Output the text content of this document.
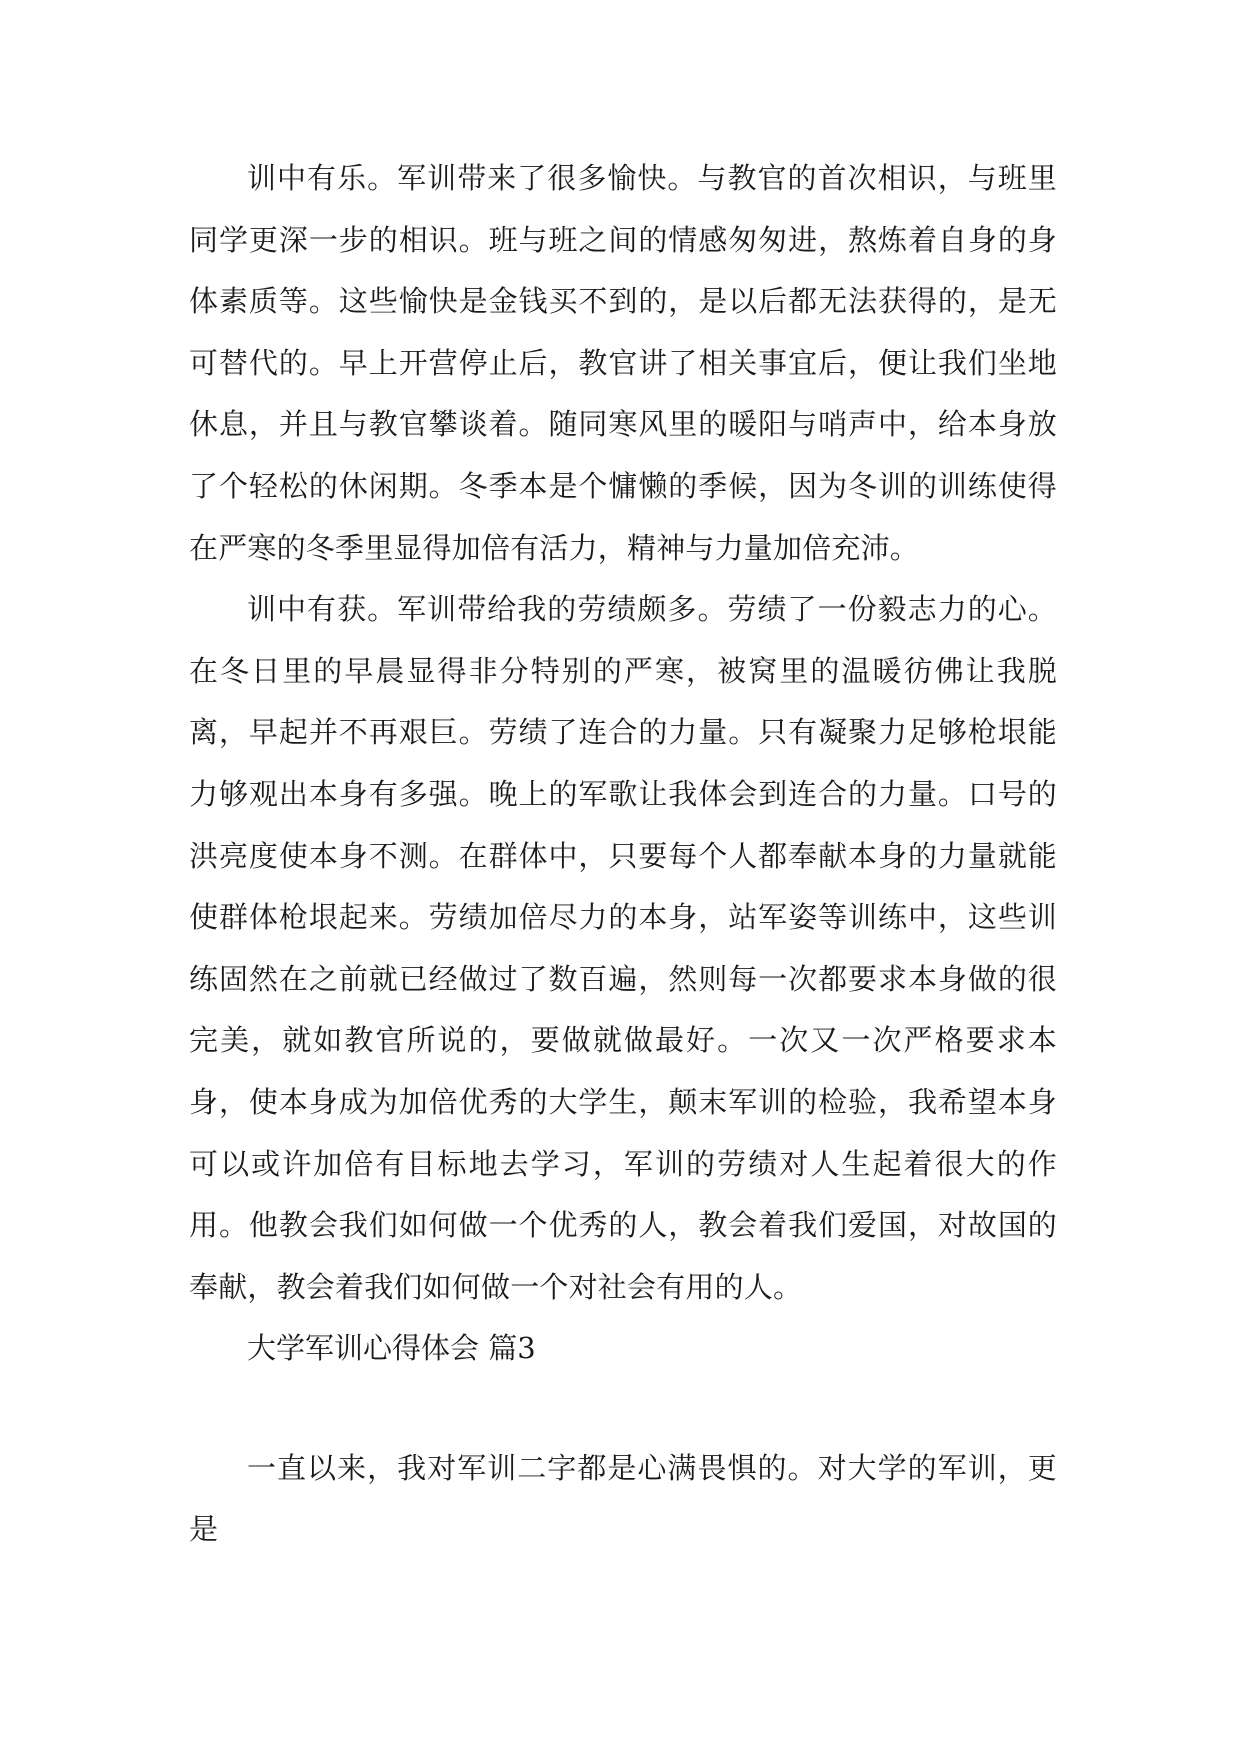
训中有乐。军训带来了很多愉快。与教官的首次相识，与班里同学更深一步的相识。班与班之间的情感匆匆进，熬炼着自身的身体素质等。这些愉快是金钱买不到的，是以后都无法获得的，是无可替代的。早上开营停止后，教官讲了相关事宜后，便让我们坐地休息，并且与教官攀谈着。随同寒风里的暖阳与哨声中，给本身放了个轻松的休闲期。冬季本是个慵懒的季候，因为冬训的训练使得在严寒的冬季里显得加倍有活力，精神与力量加倍充沛。

训中有获。军训带给我的劳绩颇多。劳绩了一份毅志力的心。在冬日里的早晨显得非分特别的严寒，被窝里的温暖彷佛让我脱离，早起并不再艰巨。劳绩了连合的力量。只有凝聚力足够枪垠能力够观出本身有多强。晚上的军歌让我体会到连合的力量。口号的洪亮度使本身不测。在群体中，只要每个人都奉献本身的力量就能使群体枪垠起来。劳绩加倍尽力的本身，站军姿等训练中，这些训练固然在之前就已经做过了数百遍，然则每一次都要求本身做的很完美，就如教官所说的，要做就做最好。一次又一次严格要求本身，使本身成为加倍优秀的大学生，颠末军训的检验，我希望本身可以或许加倍有目标地去学习，军训的劳绩对人生起着很大的作用。他教会我们如何做一个优秀的人，教会着我们爱国，对故国的奉献，教会着我们如何做一个对社会有用的人。

大学军训心得体会 篇3

一直以来，我对军训二字都是心满畏惧的。对大学的军训，更是
